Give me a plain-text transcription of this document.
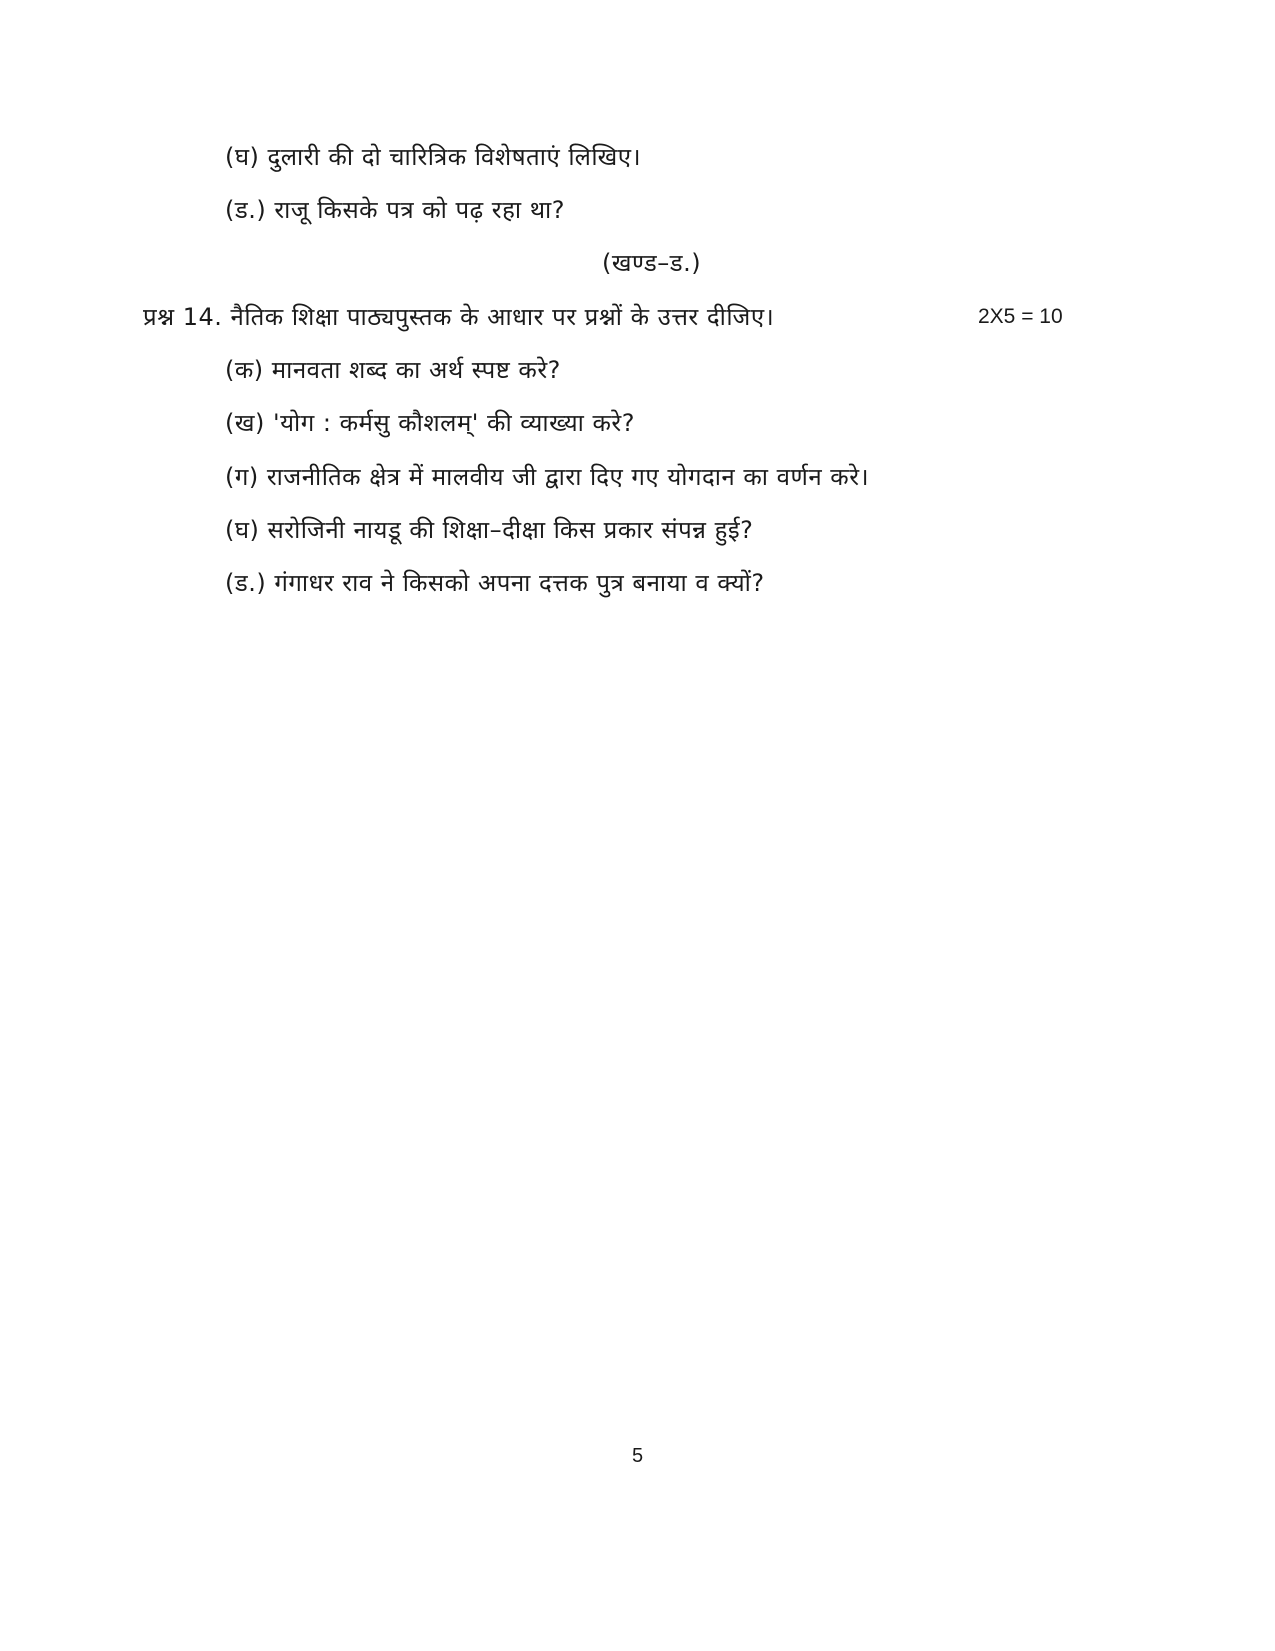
(घ) दुलारी की दो चारित्रिक विशेषताएं लिखिए।
(ड.) राजू किसके पत्र को पढ़ रहा था?
(खण्ड–ड.)
प्रश्न 14. नैतिक शिक्षा पाठ्यपुस्तक के आधार पर प्रश्नों के उत्तर दीजिए।	2X5 = 10
(क) मानवता शब्द का अर्थ स्पष्ट करे?
(ख) 'योग : कर्मसु कौशलम्' की व्याख्या करे?
(ग) राजनीतिक क्षेत्र में मालवीय जी द्वारा दिए गए योगदान का वर्णन करे।
(घ) सरोजिनी नायडू की शिक्षा–दीक्षा किस प्रकार संपन्न हुई?
(ड.) गंगाधर राव ने किसको अपना दत्तक पुत्र बनाया व क्यों?
5
